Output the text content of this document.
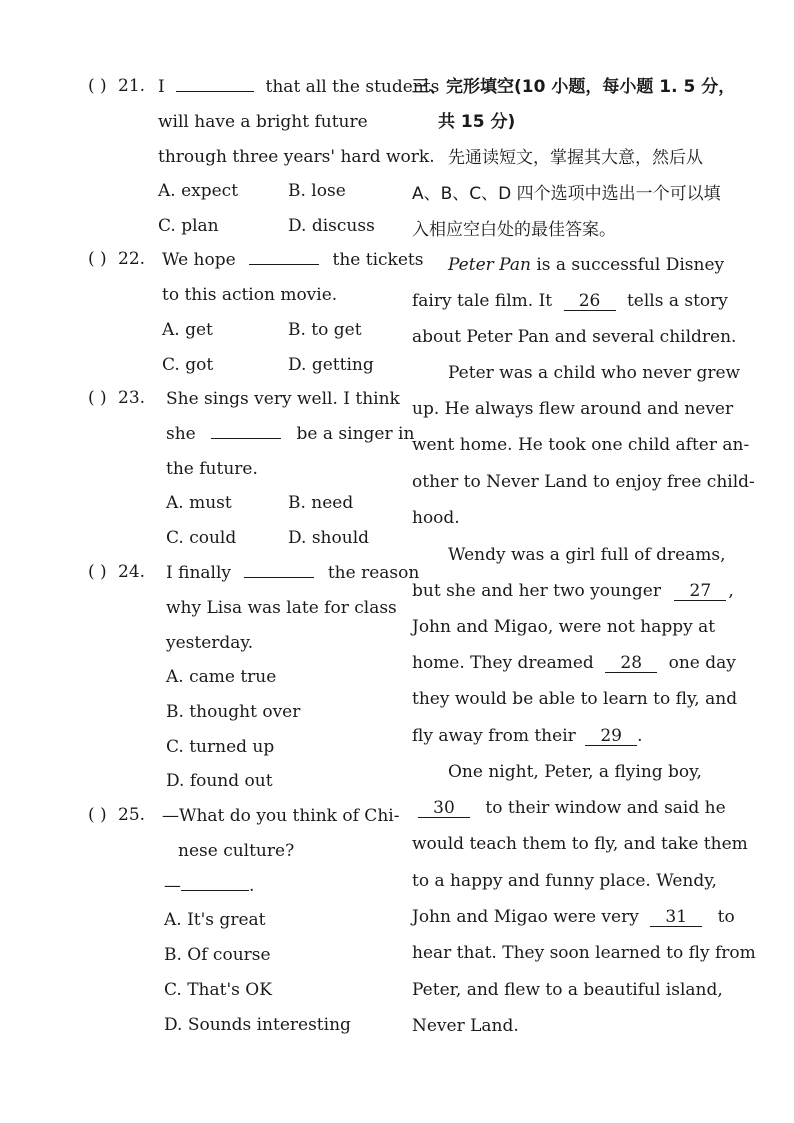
( ) 21. I	that all the students
will have a bright future
through three years' hard work.
A. expect	B. lose
C. plan	D. discuss
( ) 22. We hope	the tickets
to this action movie.
A. get	B. to get
C. got	D. getting
( ) 23. She sings very well. I think
she	be a singer in
the future.
A. must	B. need
C. could	D. should
( ) 24. I finally	the reason
why Lisa was late for class
yesterday.
A. came true
B. thought over
C. turned up
D. found out
( ) 25. —What do you think of Chi-
nese culture?
—	.
A. It's great
B. Of course
C. That's OK
D. Sounds interesting
三、完形填空(10 小题，每小题 1. 5 分，
共 15 分)
先通读短文，掌握其大意，然后从
A、B、C、D 四个选项中选出一个可以填
入相应空白处的最佳答案。
Peter Pan is a successful Disney
fairy tale film. It 26 tells a story
about Peter Pan and several children.
Peter was a child who never grew
up. He always flew around and never
went home. He took one child after an-
other to Never Land to enjoy free child-
hood.
Wendy was a girl full of dreams,
but she and her two younger 27 ,
John and Migao, were not happy at
home. They dreamed 28 one day
they would be able to learn to fly, and
fly away from their 29 .
One night, Peter, a flying boy,
30 to their window and said he
would teach them to fly, and take them
to a happy and funny place. Wendy,
John and Migao were very 31 to
hear that. They soon learned to fly from
Peter, and flew to a beautiful island,
Never Land.
